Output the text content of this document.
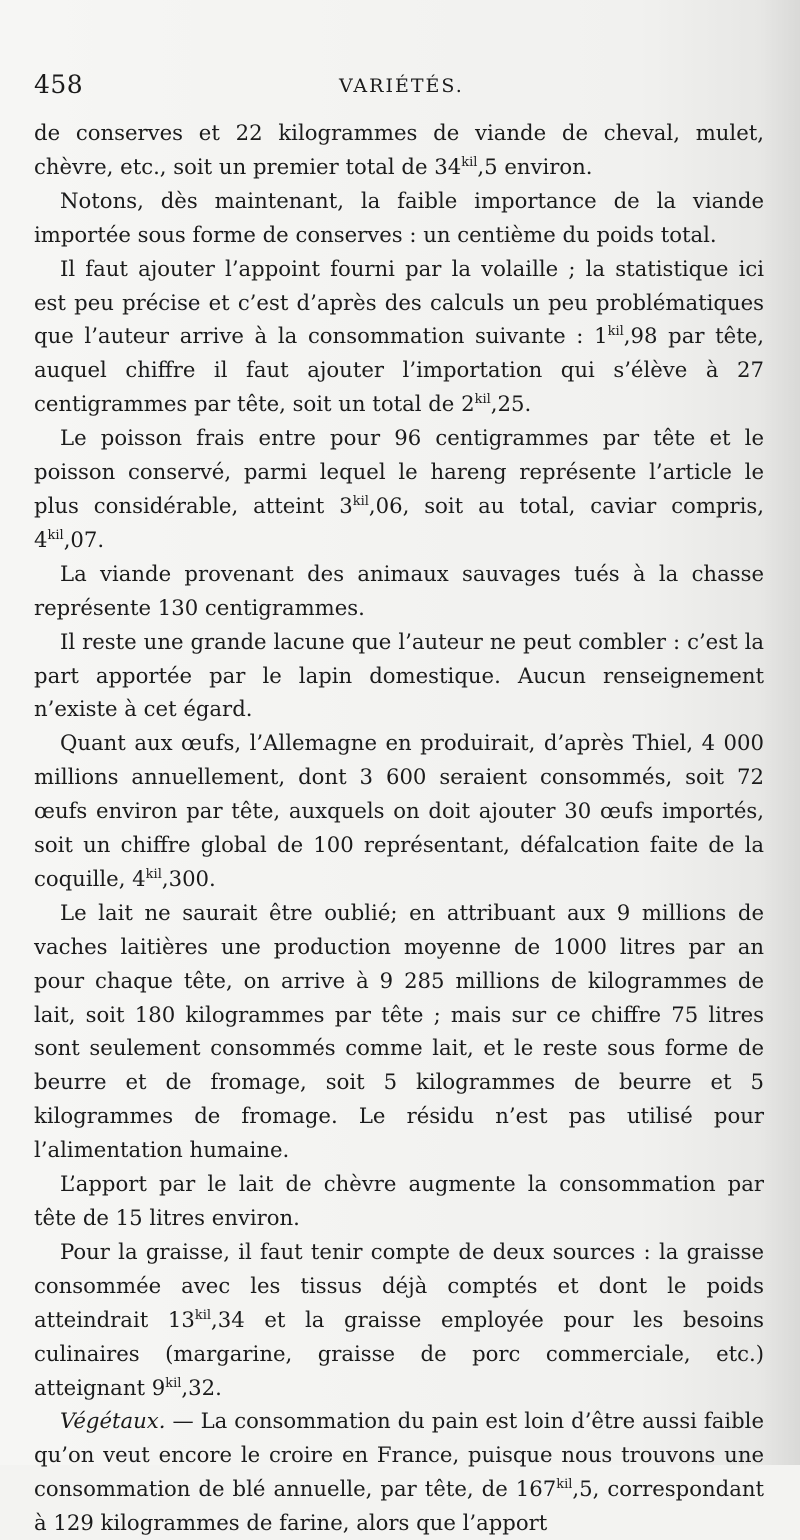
458	VARIÉTÉS.

de conserves et 22 kilogrammes de viande de cheval, mulet, chèvre, etc., soit un premier total de $34^{kil},5$ environ.

Notons, dès maintenant, la faible importance de la viande importée sous forme de conserves : un centième du poids total.

Il faut ajouter l’appoint fourni par la volaille ; la statistique ici est peu précise et c’est d’après des calculs un peu problématiques que l’auteur arrive à la consommation suivante : $1^{kil},98$ par tête, auquel chiffre il faut ajouter l’importation qui s’élève à 27 centigrammes par tête, soit un total de $2^{kil},25$.

Le poisson frais entre pour 96 centigrammes par tête et le poisson conservé, parmi lequel le hareng représente l’article le plus considérable, atteint $3^{kil},06$, soit au total, caviar compris, $4^{kil},07$.

La viande provenant des animaux sauvages tués à la chasse représente 130 centigrammes.

Il reste une grande lacune que l’auteur ne peut combler : c’est la part apportée par le lapin domestique. Aucun renseignement n’existe à cet égard.

Quant aux œufs, l’Allemagne en produirait, d’après Thiel, 4 000 millions annuellement, dont 3 600 seraient consommés, soit 72 œufs environ par tête, auxquels on doit ajouter 30 œufs importés, soit un chiffre global de 100 représentant, défalcation faite de la coquille, $4^{kil},300$.

Le lait ne saurait être oublié; en attribuant aux 9 millions de vaches laitières une production moyenne de 1000 litres par an pour chaque tête, on arrive à 9 285 millions de kilogrammes de lait, soit 180 kilogrammes par tête ; mais sur ce chiffre 75 litres sont seulement consommés comme lait, et le reste sous forme de beurre et de fromage, soit 5 kilogrammes de beurre et 5 kilogrammes de fromage. Le résidu n’est pas utilisé pour l’alimentation humaine.

L’apport par le lait de chèvre augmente la consommation par tête de 15 litres environ.

Pour la graisse, il faut tenir compte de deux sources : la graisse consommée avec les tissus déjà comptés et dont le poids atteindrait $13^{kil},34$ et la graisse employée pour les besoins culinaires (margarine, graisse de porc commerciale, etc.) atteignant $9^{kil},32$.

Végétaux. — La consommation du pain est loin d’être aussi faible qu’on veut encore le croire en France, puisque nous trouvons une consommation de blé annuelle, par tête, de $167^{kil},5$, correspondant à 129 kilogrammes de farine, alors que l’apport
